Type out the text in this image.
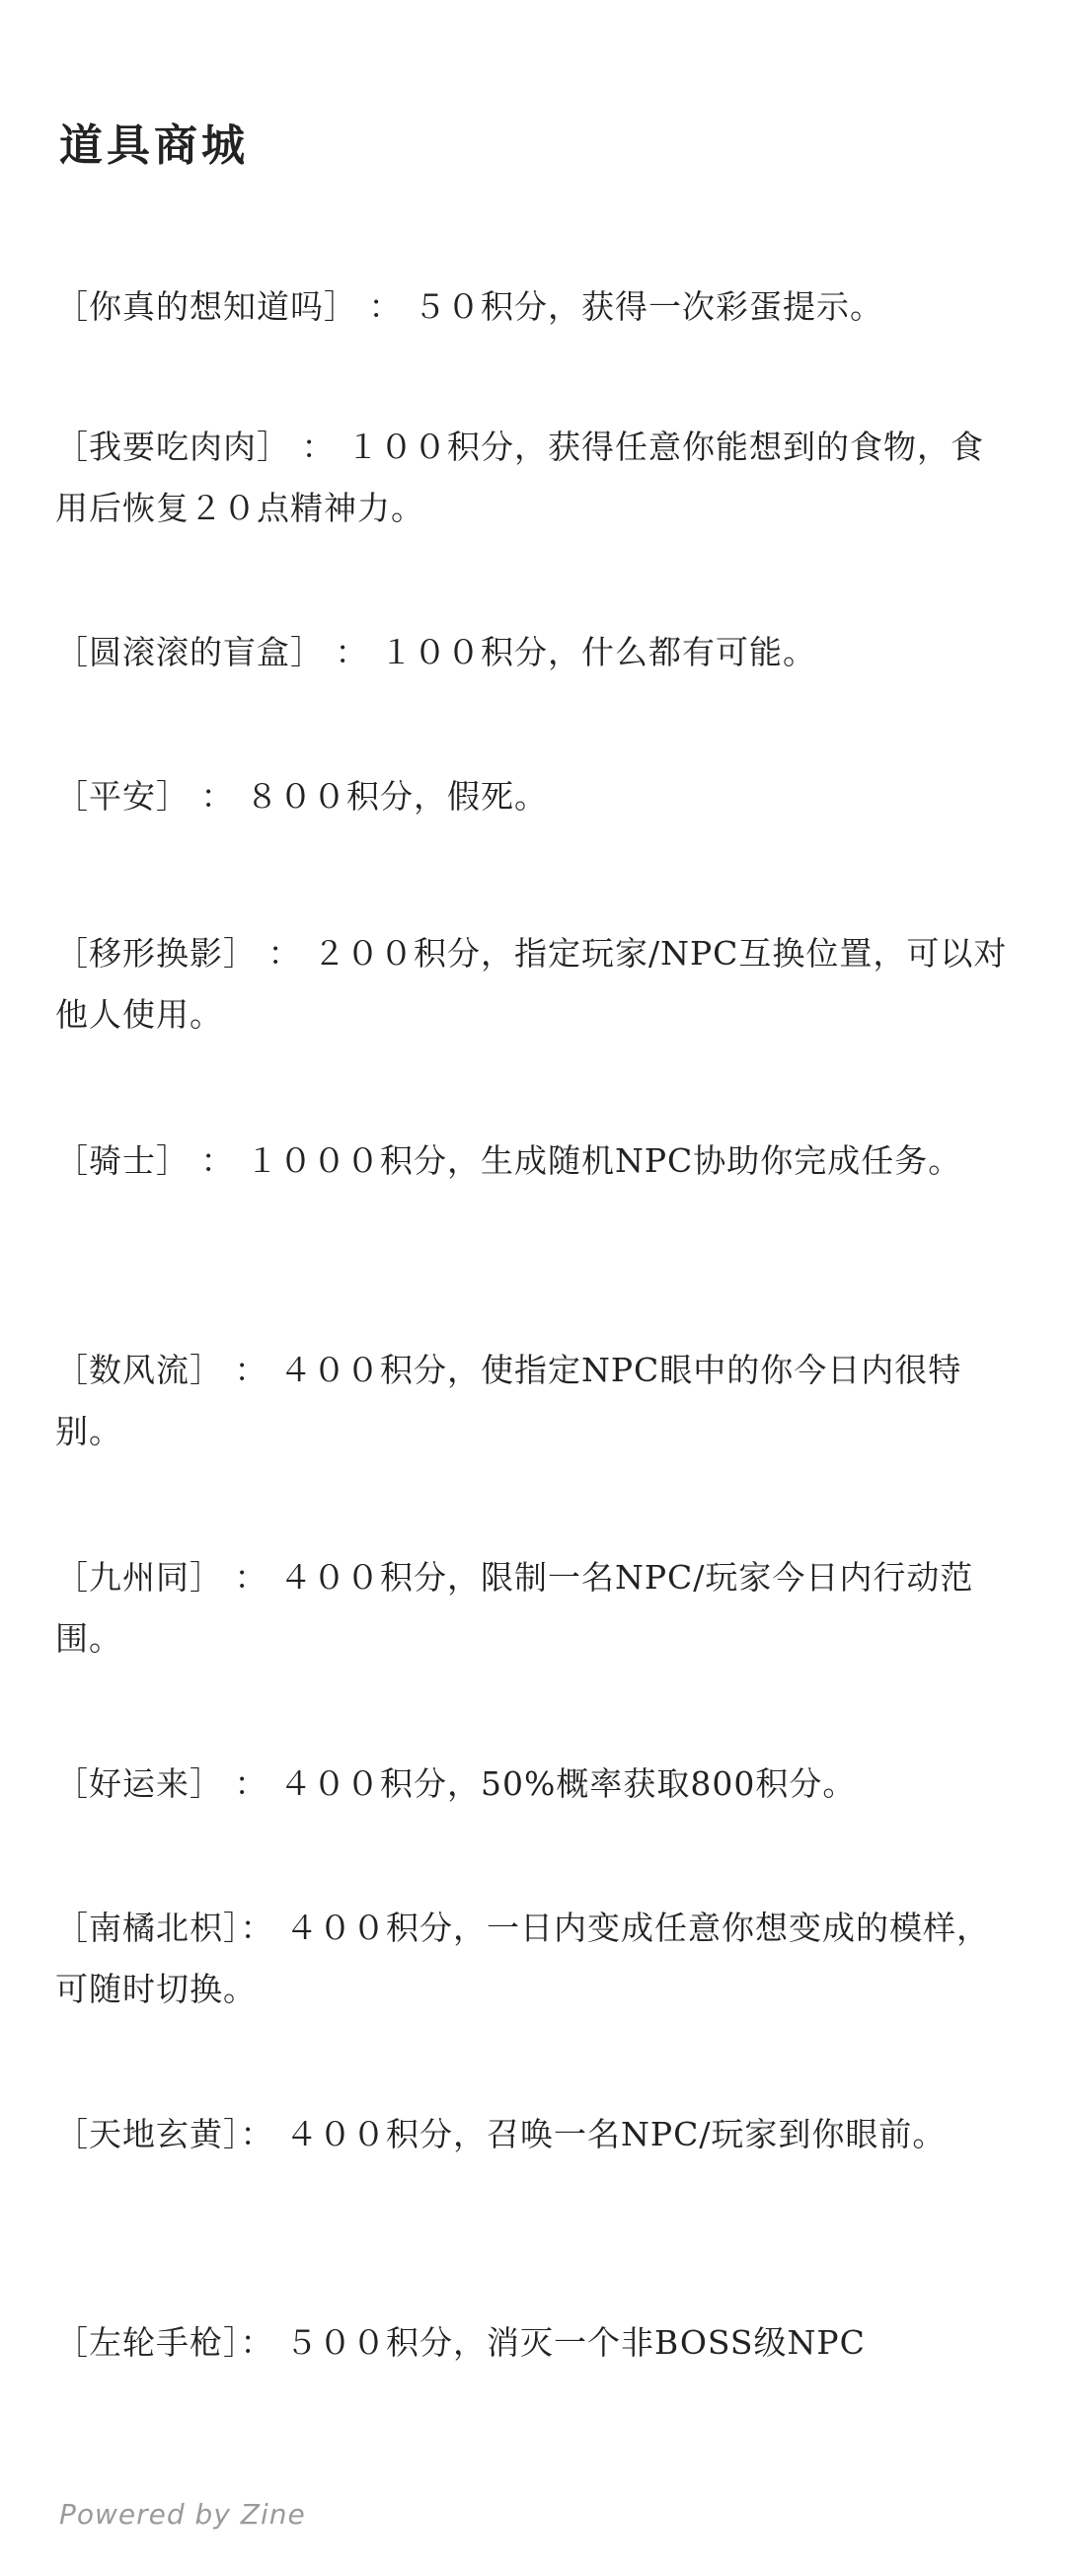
道具商城

［你真的想知道吗］ ： ５０积分，获得一次彩蛋提示。

［我要吃肉肉］ ： １００积分，获得任意你能想到的食物，食用后恢复２０点精神力。

［圆滚滚的盲盒］ ： １００积分，什么都有可能。

［平安］ ： ８００积分，假死。

［移形换影］ ： ２００积分，指定玩家/NPC互换位置，可以对他人使用。

［骑士］ ： １０００积分，生成随机NPC协助你完成任务。

［数风流］ ： ４００积分，使指定NPC眼中的你今日内很特别。

［九州同］ ： ４００积分，限制一名NPC/玩家今日内行动范围。

［好运来］ ： ４００积分，50%概率获取800积分。

［南橘北枳］： ４００积分，一日内变成任意你想变成的模样，可随时切换。

［天地玄黄］： ４００积分，召唤一名NPC/玩家到你眼前。

［左轮手枪］： ５００积分，消灭一个非BOSS级NPC

Powered by Zine
